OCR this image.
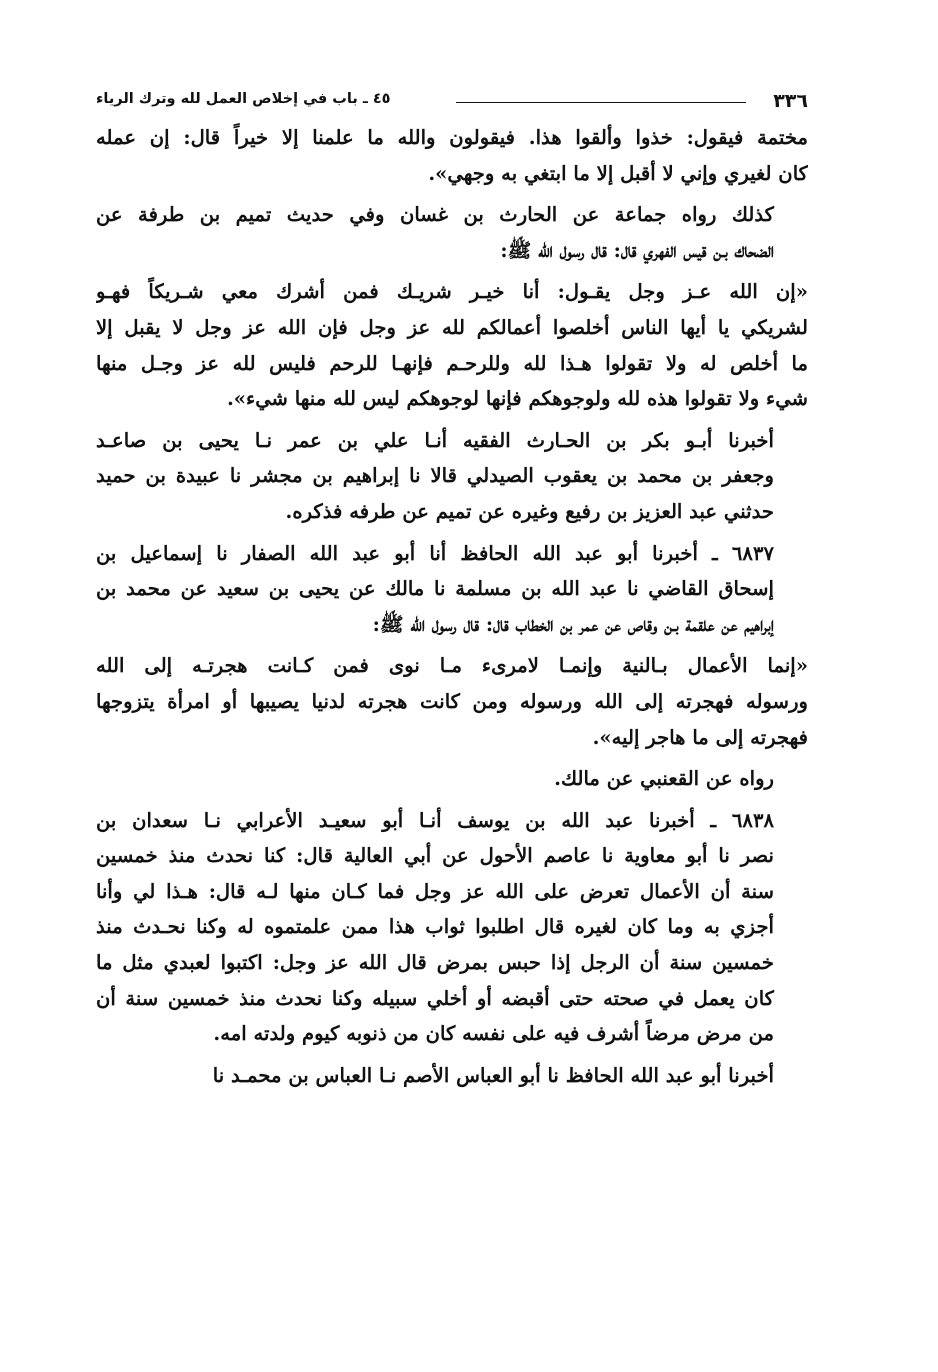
٣٣٦
٤٥ ـ باب في إخلاص العمل لله وترك الرياء

مختمة فيقول: خذوا وألقوا هذا. فيقولون والله ما علمنا إلا خيراً قال: إن عمله
كان لغيري وإني لا أقبل إلا ما ابتغي به وجهي».

كذلك رواه جماعة عن الحارث بن غسان وفي حديث تميم بن طرفة عن
الضحاك بـن قيس الفهري قال: قال رسول الله ﷺ:

«إن الله عـز وجل يقـول: أنا خيـر شريـك فمن أشرك معي شـريكاً فهـو
لشريكي يا أيها الناس أخلصوا أعمالكم لله عز وجل فإن الله عز وجل لا يقبل إلا
ما أخلص له ولا تقولوا هـذا لله وللرحـم فإنهـا للرحم فليس لله عز وجـل منها
شيء ولا تقولوا هذه لله ولوجوهكم فإنها لوجوهكم ليس لله منها شيء».

أخبرنا أبـو بكر بن الحـارث الفقيه أنـا علي بن عمر نـا يحيى بن صاعـد
وجعفر بن محمد بن يعقوب الصيدلي قالا نا إبراهيم بن مجشر نا عبيدة بن حميد
حدثني عبد العزيز بن رفيع وغيره عن تميم عن طرفه فذكره.

٦٨٣٧ ـ أخبرنا أبو عبد الله الحافظ أنا أبو عبد الله الصفار نا إسماعيل بن
إسحاق القاضي نا عبد الله بن مسلمة نا مالك عن يحيى بن سعيد عن محمد بن
إبراهيم عن علقمة بـن وقاص عن عمر بن الخطاب قال: قال رسول الله ﷺ:

«إنما الأعمال بـالنية وإنمـا لامرىء مـا نوى فمن كـانت هجرتـه إلى الله
ورسوله فهجرته إلى الله ورسوله ومن كانت هجرته لدنيا يصيبها أو امرأة يتزوجها
فهجرته إلى ما هاجر إليه».

رواه عن القعنبي عن مالك.

٦٨٣٨ ـ أخبرنا عبد الله بن يوسف أنـا أبو سعيـد الأعرابي نـا سعدان بن
نصر نا أبو معاوية نا عاصم الأحول عن أبي العالية قال: كنا نحدث منذ خمسين
سنة أن الأعمال تعرض على الله عز وجل فما كـان منها لـه قال: هـذا لي وأنا
أجزي به وما كان لغيره قال اطلبوا ثواب هذا ممن علمتموه له وكنا نحـدث منذ
خمسين سنة أن الرجل إذا حبس بمرض قال الله عز وجل: اكتبوا لعبدي مثل ما
كان يعمل في صحته حتى أقبضه أو أخلي سبيله وكنا نحدث منذ خمسين سنة أن
من مرض مرضاً أشرف فيه على نفسه كان من ذنوبه كيوم ولدته امه.

أخبرنا أبو عبد الله الحافظ نا أبو العباس الأصم نـا العباس بن محمـد نا
